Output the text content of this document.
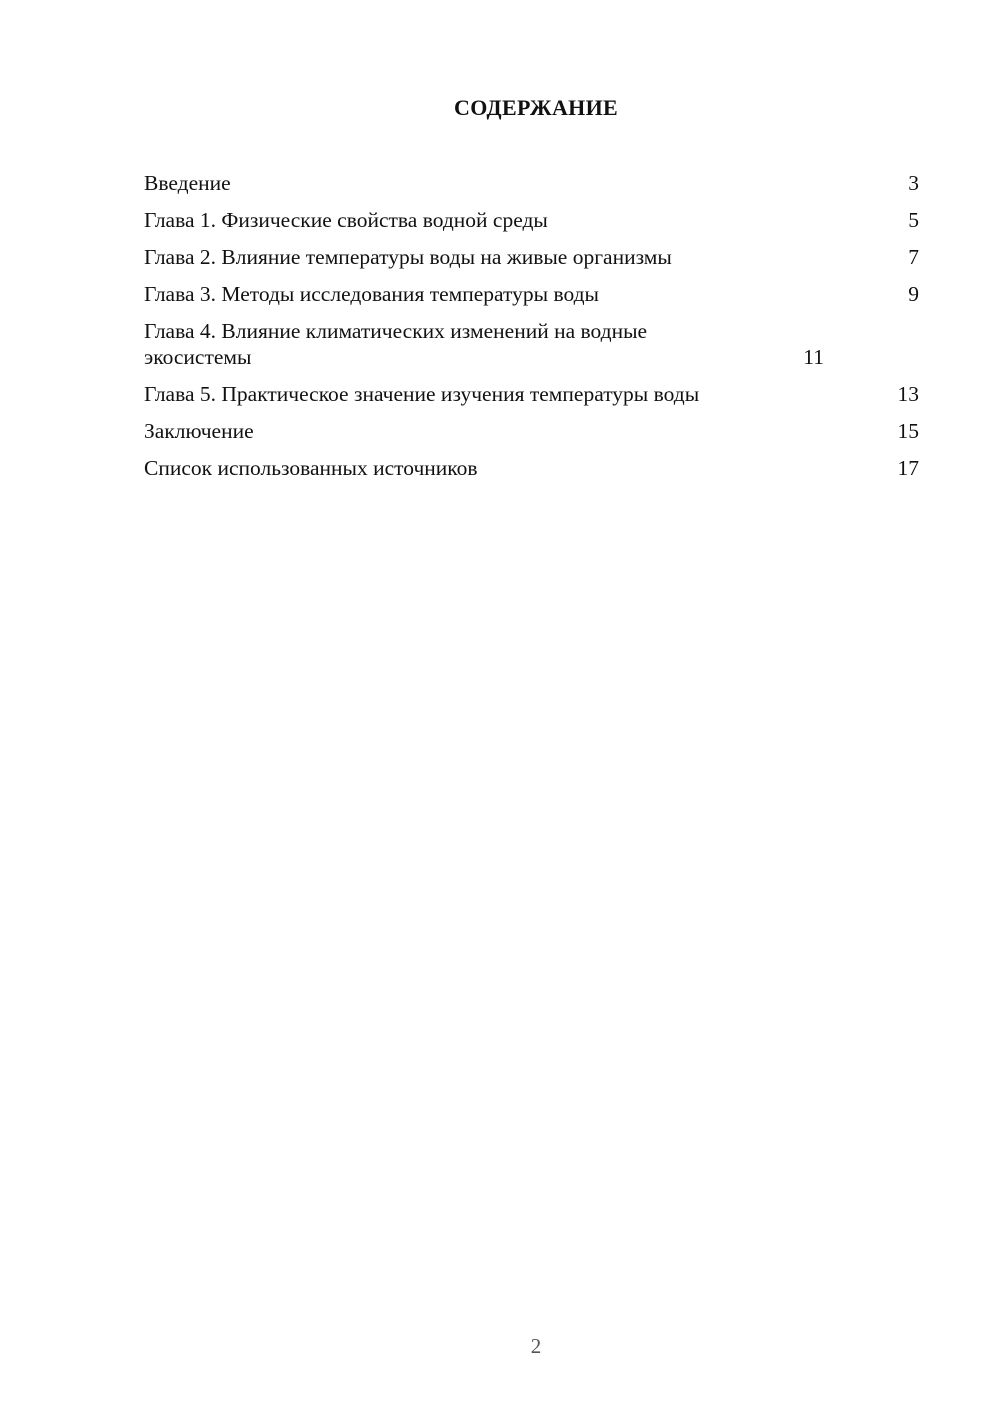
СОДЕРЖАНИЕ
Введение	3
Глава 1. Физические свойства водной среды	5
Глава 2. Влияние температуры воды на живые организмы	7
Глава 3. Методы исследования температуры воды	9
Глава 4. Влияние климатических изменений на водные экосистемы	11
Глава 5. Практическое значение изучения температуры воды	13
Заключение	15
Список использованных источников	17
2
